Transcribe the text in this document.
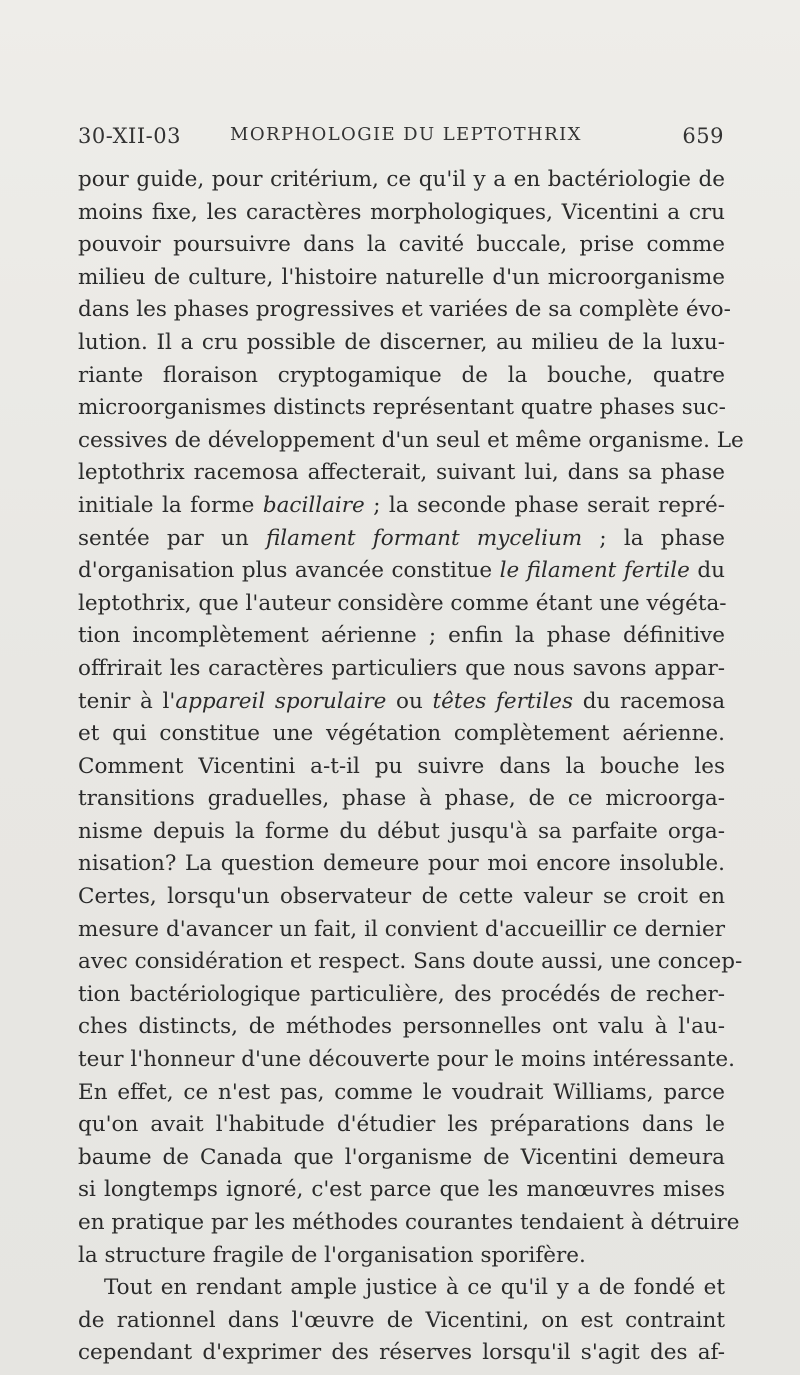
30-XII-03	MORPHOLOGIE DU LEPTOTHRIX	659
pour guide, pour critérium, ce qu'il y a en bactériologie de
moins fixe, les caractères morphologiques, Vicentini a cru
pouvoir poursuivre dans la cavité buccale, prise comme
milieu de culture, l'histoire naturelle d'un microorganisme
dans les phases progressives et variées de sa complète évo-
lution. Il a cru possible de discerner, au milieu de la luxu-
riante floraison cryptogamique de la bouche, quatre
microorganismes distincts représentant quatre phases suc-
cessives de développement d'un seul et même organisme. Le
leptothrix racemosa affecterait, suivant lui, dans sa phase
initiale la forme bacillaire ; la seconde phase serait repré-
sentée par un filament formant mycelium ; la phase
d'organisation plus avancée constitue le filament fertile du
leptothrix, que l'auteur considère comme étant une végéta-
tion incomplètement aérienne ; enfin la phase définitive
offrirait les caractères particuliers que nous savons appar-
tenir à l'appareil sporulaire ou têtes fertiles du racemosa
et qui constitue une végétation complètement aérienne.
Comment Vicentini a-t-il pu suivre dans la bouche les
transitions graduelles, phase à phase, de ce microorga-
nisme depuis la forme du début jusqu'à sa parfaite orga-
nisation? La question demeure pour moi encore insoluble.
Certes, lorsqu'un observateur de cette valeur se croit en
mesure d'avancer un fait, il convient d'accueillir ce dernier
avec considération et respect. Sans doute aussi, une concep-
tion bactériologique particulière, des procédés de recher-
ches distincts, de méthodes personnelles ont valu à l'au-
teur l'honneur d'une découverte pour le moins intéressante.
En effet, ce n'est pas, comme le voudrait Williams, parce
qu'on avait l'habitude d'étudier les préparations dans le
baume de Canada que l'organisme de Vicentini demeura
si longtemps ignoré, c'est parce que les manœuvres mises
en pratique par les méthodes courantes tendaient à détruire
la structure fragile de l'organisation sporifère.
Tout en rendant ample justice à ce qu'il y a de fondé et
de rationnel dans l'œuvre de Vicentini, on est contraint
cependant d'exprimer des réserves lorsqu'il s'agit des af-
